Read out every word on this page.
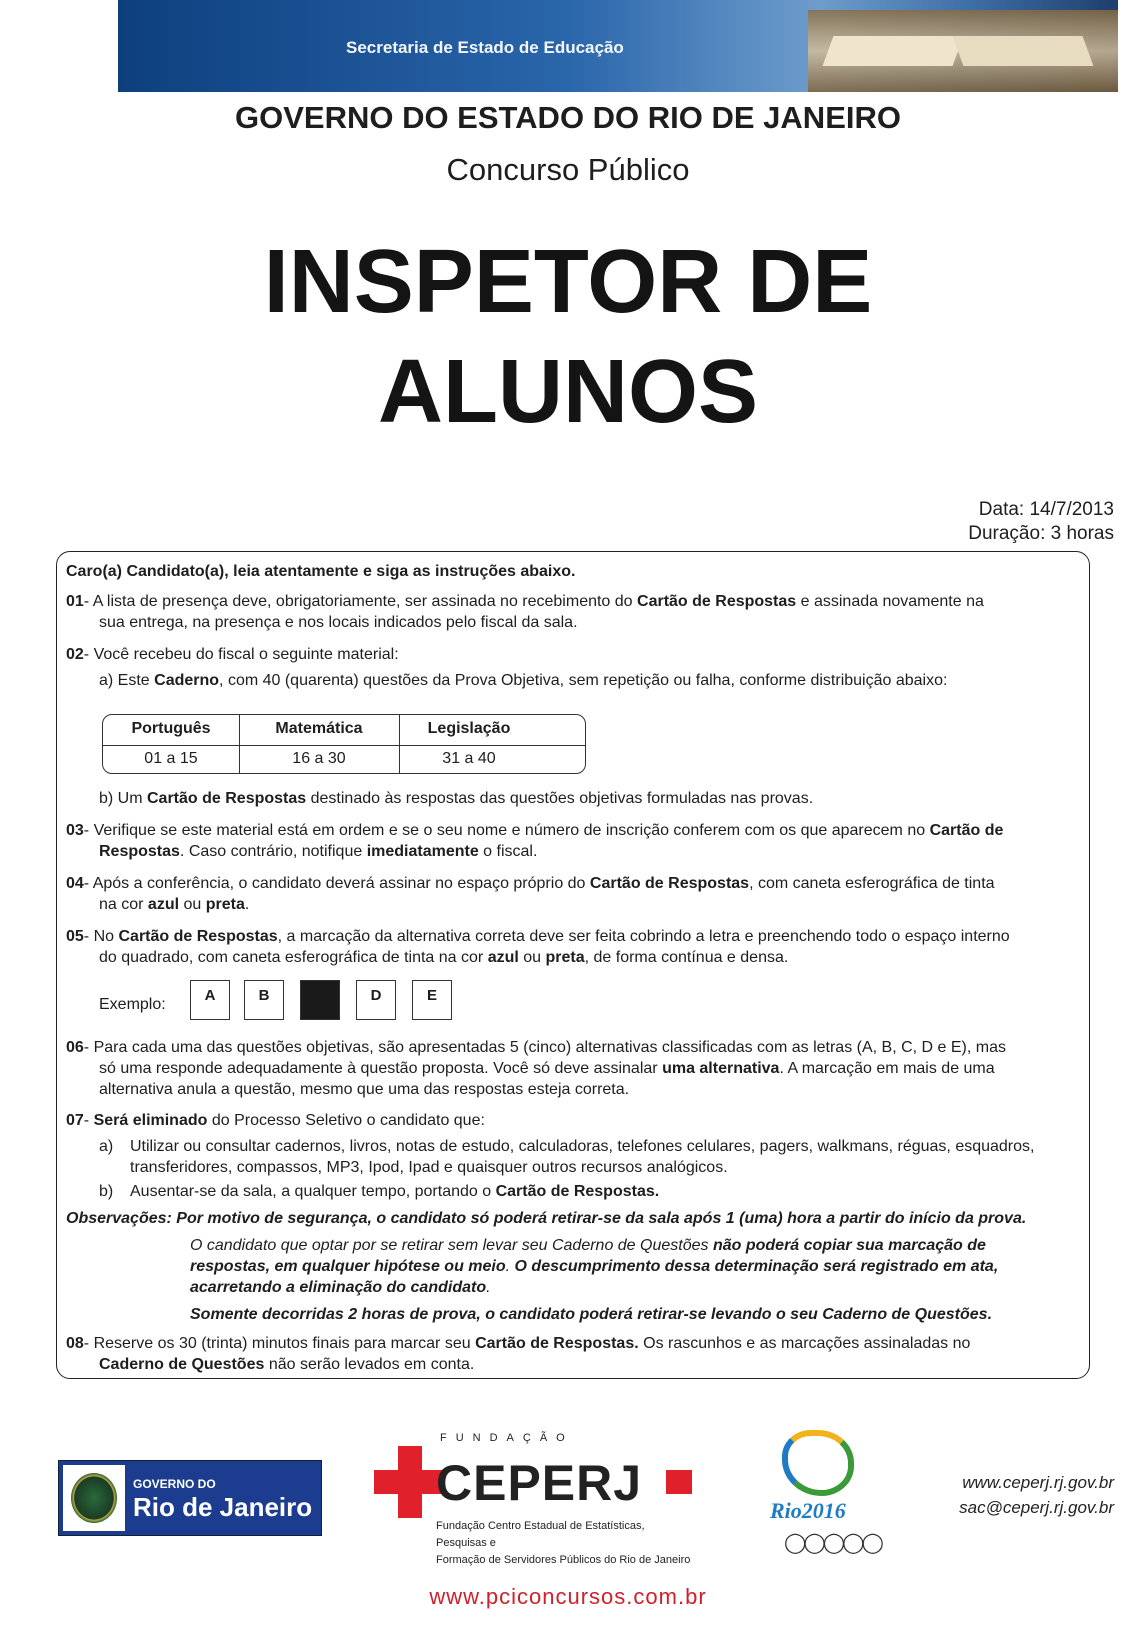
Secretaria de Estado de Educação
GOVERNO DO ESTADO DO RIO DE JANEIRO
Concurso Público
INSPETOR DE
ALUNOS
Data: 14/7/2013
Duração: 3 horas
Caro(a) Candidato(a), leia atentamente e siga as instruções abaixo.
01- A lista de presença deve, obrigatoriamente, ser assinada no recebimento do Cartão de Respostas e assinada novamente na
sua entrega, na presença e nos locais indicados pelo fiscal da sala.
02- Você recebeu do fiscal o seguinte material:
a) Este Caderno, com 40 (quarenta) questões da Prova Objetiva, sem repetição ou falha, conforme distribuição abaixo:
Português	Matemática	Legislação
01 a 15	16 a 30	31 a 40
b) Um Cartão de Respostas destinado às respostas das questões objetivas formuladas nas provas.
03- Verifique se este material está em ordem e se o seu nome e número de inscrição conferem com os que aparecem no Cartão de
Respostas. Caso contrário, notifique imediatamente o fiscal.
04- Após a conferência, o candidato deverá assinar no espaço próprio do Cartão de Respostas, com caneta esferográfica de tinta
na cor azul ou preta.
05- No Cartão de Respostas, a marcação da alternativa correta deve ser feita cobrindo a letra e preenchendo todo o espaço interno
do quadrado, com caneta esferográfica de tinta na cor azul ou preta, de forma contínua e densa.
Exemplo:
A	B	D	E
06- Para cada uma das questões objetivas, são apresentadas 5 (cinco) alternativas classificadas com as letras (A, B, C, D e E), mas
só uma responde adequadamente à questão proposta. Você só deve assinalar uma alternativa. A marcação em mais de uma
alternativa anula a questão, mesmo que uma das respostas esteja correta.
07- Será eliminado do Processo Seletivo o candidato que:
a) Utilizar ou consultar cadernos, livros, notas de estudo, calculadoras, telefones celulares, pagers, walkmans, réguas, esquadros,
transferidores, compassos, MP3, Ipod, Ipad e quaisquer outros recursos analógicos.
b) Ausentar-se da sala, a qualquer tempo, portando o Cartão de Respostas.
Observações: Por motivo de segurança, o candidato só poderá retirar-se da sala após 1 (uma) hora a partir do início da prova.
O candidato que optar por se retirar sem levar seu Caderno de Questões não poderá copiar sua marcação de
respostas, em qualquer hipótese ou meio. O descumprimento dessa determinação será registrado em ata,
acarretando a eliminação do candidato.
Somente decorridas 2 horas de prova, o candidato poderá retirar-se levando o seu Caderno de Questões.
08- Reserve os 30 (trinta) minutos finais para marcar seu Cartão de Respostas. Os rascunhos e as marcações assinaladas no
Caderno de Questões não serão levados em conta.
GOVERNO DO
Rio de Janeiro
FUNDAÇÃO
CEPERJ
Fundação Centro Estadual de Estatísticas, Pesquisas e
Formação de Servidores Públicos do Rio de Janeiro
Rio2016
◯◯◯◯◯
www.ceperj.rj.gov.br
sac@ceperj.rj.gov.br
www.pciconcursos.com.br
